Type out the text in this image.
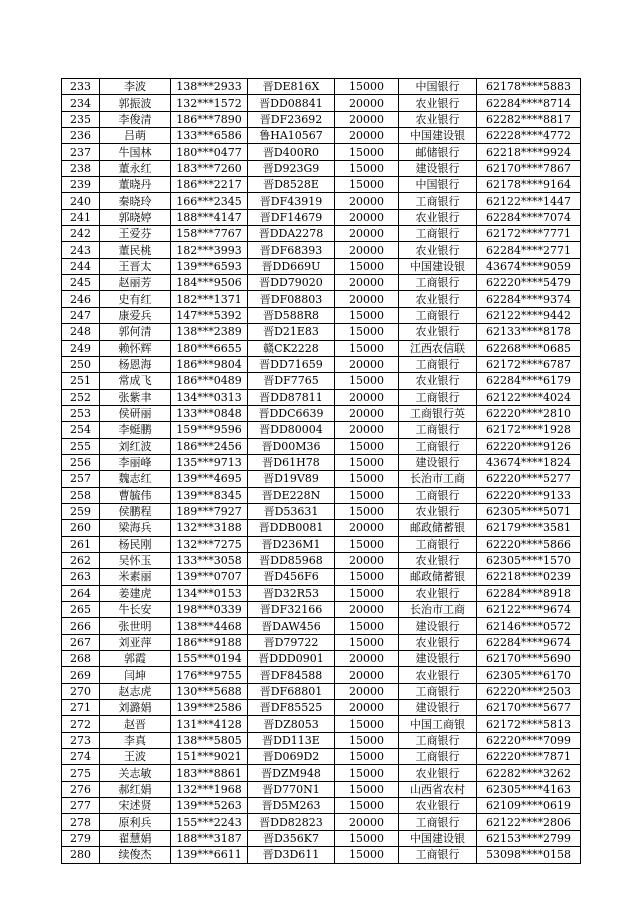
233	李波	138***2933	晋DE816X	15000	中国银行	62178****5883
234	郭振波	132***1572	晋DD08841	20000	农业银行	62284****8714
235	李俊清	186***7890	晋DF23692	20000	农业银行	62282****8817
236	吕萌	133***6586	鲁HA10567	20000	中国建设银	62228****4772
237	牛国林	180***0477	晋D400R0	15000	邮储银行	62218****9924
238	董永红	183***7260	晋D923G9	15000	建设银行	62170****7867
239	董晓丹	186***2217	晋D8528E	15000	中国银行	62178****9164
240	秦晓玲	166***2345	晋DF43919	20000	工商银行	62122****1447
241	郭晓婷	188***4147	晋DF14679	20000	农业银行	62284****7074
242	王爱芬	158***7767	晋DDA2278	20000	工商银行	62172****7771
243	董民桃	182***3993	晋DF68393	20000	农业银行	62284****2771
244	王晋太	139***6593	晋DD669U	15000	中国建设银	43674****9059
245	赵丽芳	184***9506	晋DD79020	20000	工商银行	62220****5479
246	史有红	182***1371	晋DF08803	20000	农业银行	62284****9374
247	康爱兵	147***5392	晋D588R8	15000	工商银行	62122****9442
248	郭何清	138***2389	晋D21E83	15000	农业银行	62133****8178
249	赖怀辉	180***6655	赣CK2228	15000	江西农信联	62268****0685
250	杨恩海	186***9804	晋DD71659	20000	工商银行	62172****6787
251	常成飞	186***0489	晋DF7765	15000	农业银行	62284****6179
252	张紫聿	134***0313	晋DD87811	20000	工商银行	62122****4024
253	侯研丽	133***0848	晋DDC6639	20000	工商银行英	62220****2810
254	李蜓鹏	159***9596	晋DD80004	20000	工商银行	62172****1928
255	刘红波	186***2456	晋D00M36	15000	工商银行	62220****9126
256	李丽峰	135***9713	晋D61H78	15000	建设银行	43674****1824
257	魏志红	139***4695	晋D19V89	15000	长治市工商	62220****5277
258	曹毓伟	139***8345	晋DE228N	15000	工商银行	62220****9133
259	侯鹏程	189***7927	晋D53631	15000	农业银行	62305****5071
260	梁海兵	132***3188	晋DDB0081	20000	邮政储蓄银	62179****3581
261	杨民刚	132***7275	晋D236M1	15000	工商银行	62220****5866
262	吴怀玉	133***3058	晋DD85968	20000	农业银行	62305****1570
263	米素丽	139***0707	晋D456F6	15000	邮政储蓄银	62218****0239
264	姜建虎	134***0153	晋D32R53	15000	农业银行	62284****8918
265	牛长安	198***0339	晋DF32166	20000	长治市工商	62122****9674
266	张世明	138***4468	晋DAW456	15000	建设银行	62146****0572
267	刘亚萍	186***9188	晋D79722	15000	农业银行	62284****9674
268	郭霞	155***0194	晋DDD0901	20000	建设银行	62170****5690
269	闫坤	176***9755	晋DF84588	20000	农业银行	62305****6170
270	赵志虎	130***5688	晋DF68801	20000	工商银行	62220****2503
271	刘潞娟	139***2586	晋DF85525	20000	建设银行	62170****5677
272	赵晋	131***4128	晋DZ8053	15000	中国工商银	62172****5813
273	李真	138***5805	晋DD113E	15000	工商银行	62220****7099
274	王波	151***9021	晋D069D2	15000	工商银行	62220****7871
275	关志敏	183***8861	晋DZM948	15000	农业银行	62282****3262
276	郝红娟	132***1968	晋D770N1	15000	山西省农村	62305****4163
277	宋述贤	139***5263	晋D5M263	15000	农业银行	62109****0619
278	原利兵	155***2243	晋DD82823	20000	工商银行	62122****2806
279	翟慧娟	188***3187	晋D356K7	15000	中国建设银	62153****2799
280	续俊杰	139***6611	晋D3D611	15000	工商银行	53098****0158
